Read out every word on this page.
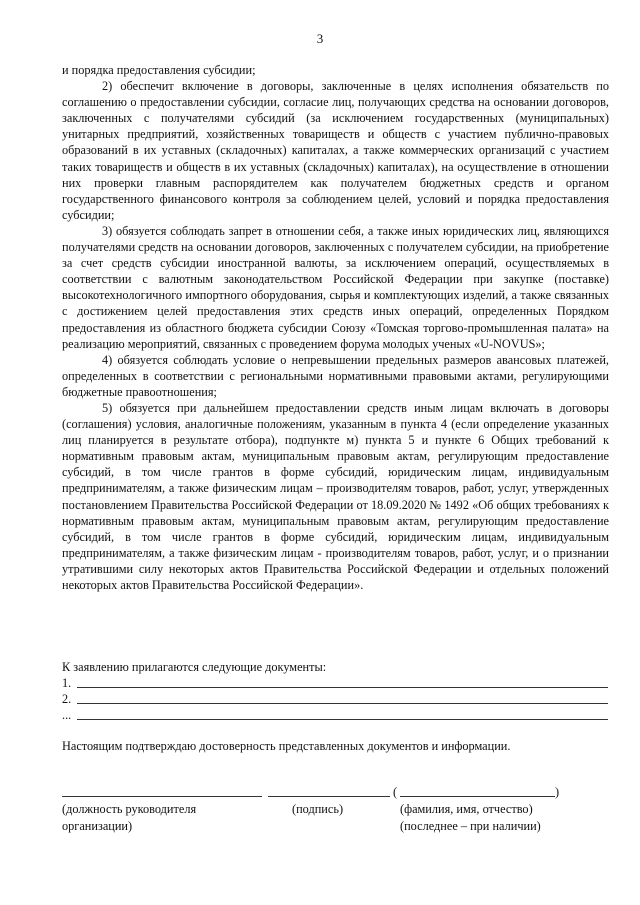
3

и порядка предоставления субсидии;

2) обеспечит включение в договоры, заключенные в целях исполнения обязательств по соглашению о предоставлении субсидии, согласие лиц, получающих средства на основании договоров, заключенных с получателями субсидий (за исключением государственных (муниципальных) унитарных предприятий, хозяйственных товариществ и обществ с участием публично-правовых образований в их уставных (складочных) капиталах, а также коммерческих организаций с участием таких товариществ и обществ в их уставных (складочных) капиталах), на осуществление в отношении них проверки главным распорядителем как получателем бюджетных средств и органом государственного финансового контроля за соблюдением целей, условий и порядка предоставления субсидии;

3) обязуется соблюдать запрет в отношении себя, а также иных юридических лиц, являющихся получателями средств на основании договоров, заключенных с получателем субсидии, на приобретение за счет средств субсидии иностранной валюты, за исключением операций, осуществляемых в соответствии с валютным законодательством Российской Федерации при закупке (поставке) высокотехнологичного импортного оборудования, сырья и комплектующих изделий, а также связанных с достижением целей предоставления этих средств иных операций, определенных Порядком предоставления из областного бюджета субсидии Союзу «Томская торгово-промышленная палата» на реализацию мероприятий, связанных с проведением форума молодых ученых «U-NOVUS»;

4) обязуется соблюдать условие о непревышении предельных размеров авансовых платежей, определенных в соответствии с региональными нормативными правовыми актами, регулирующими бюджетные правоотношения;

5) обязуется при дальнейшем предоставлении средств иным лицам включать в договоры (соглашения) условия, аналогичные положениям, указанным в пункта 4 (если определение указанных лиц планируется в результате отбора), подпункте м) пункта 5 и пункте 6 Общих требований к нормативным правовым актам, муниципальным правовым актам, регулирующим предоставление субсидий, в том числе грантов в форме субсидий, юридическим лицам, индивидуальным предпринимателям, а также физическим лицам – производителям товаров, работ, услуг, утвержденных постановлением Правительства Российской Федерации от 18.09.2020 № 1492 «Об общих требованиях к нормативным правовым актам, муниципальным правовым актам, регулирующим предоставление субсидий, в том числе грантов в форме субсидий, юридическим лицам, индивидуальным предпринимателям, а также физическим лицам - производителям товаров, работ, услуг, и о признании утратившими силу некоторых актов Правительства Российской Федерации и отдельных положений некоторых актов Правительства Российской Федерации».

К заявлению прилагаются следующие документы:
1.
2.
...
Настоящим подтверждаю достоверность представленных документов и информации.
(	)
(должность руководителя
организации)
(подпись)	(фамилия, имя, отчество)
(последнее – при наличии)
